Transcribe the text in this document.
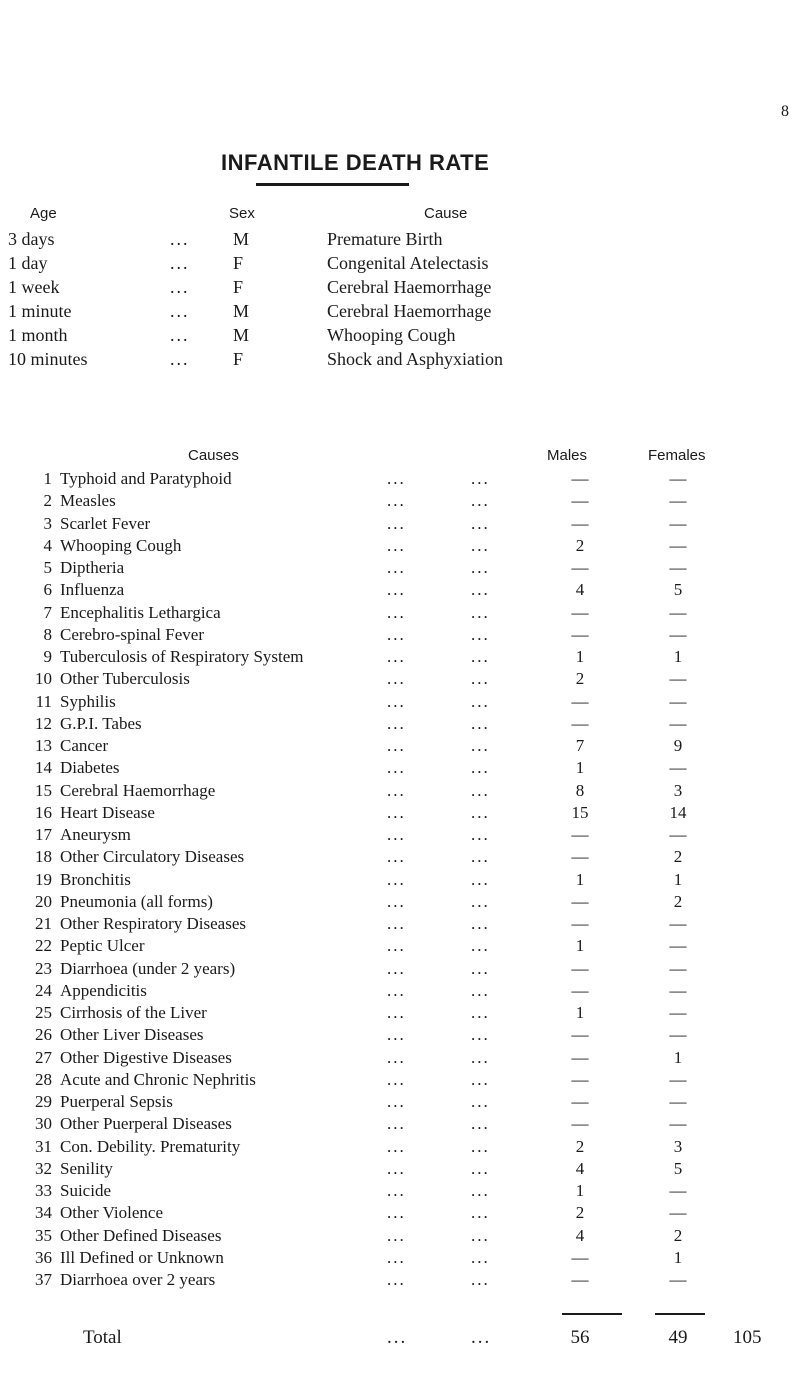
8
INFANTILE DEATH RATE
Age	Sex	Cause
3 days	... M	Premature Birth
1 day	... F	Congenital Atelectasis
1 week	... F	Cerebral Haemorrhage
1 minute	... M	Cerebral Haemorrhage
1 month	... M	Whooping Cough
10 minutes	... F	Shock and Asphyxiation
Causes	Males	Females
1 Typhoid and Paratyphoid	...	...	—	—
2 Measles	...	...	—	—
3 Scarlet Fever	...	...	—	—
4 Whooping Cough	...	...	2	—
5 Diptheria	...	...	—	—
6 Influenza	...	...	4	5
7 Encephalitis Lethargica	...	...	—	—
8 Cerebro-spinal Fever	...	...	—	—
9 Tuberculosis of Respiratory System	...	...	1	1
10 Other Tuberculosis	...	...	2	—
11 Syphilis	...	...	—	—
12 G.P.I. Tabes	...	...	—	—
13 Cancer	...	...	7	9
14 Diabetes	...	...	1	—
15 Cerebral Haemorrhage	...	...	8	3
16 Heart Disease	...	...	15	14
17 Aneurysm	...	...	—	—
18 Other Circulatory Diseases	...	...	—	2
19 Bronchitis	...	...	1	1
20 Pneumonia (all forms)	...	...	—	2
21 Other Respiratory Diseases	...	...	—	—
22 Peptic Ulcer	...	...	1	—
23 Diarrhoea (under 2 years)	...	...	—	—
24 Appendicitis	...	...	—	—
25 Cirrhosis of the Liver	...	...	1	—
26 Other Liver Diseases	...	...	—	—
27 Other Digestive Diseases	...	...	—	1
28 Acute and Chronic Nephritis	...	...	—	—
29 Puerperal Sepsis	...	...	—	—
30 Other Puerperal Diseases	...	...	—	—
31 Con. Debility. Prematurity	...	...	2	3
32 Senility	...	...	4	5
33 Suicide	...	...	1	—
34 Other Violence	...	...	2	—
35 Other Defined Diseases	...	...	4	2
36 Ill Defined or Unknown	...	...	—	1
37 Diarrhoea over 2 years	...	...	—	—
Total	...	...	56	49	105
